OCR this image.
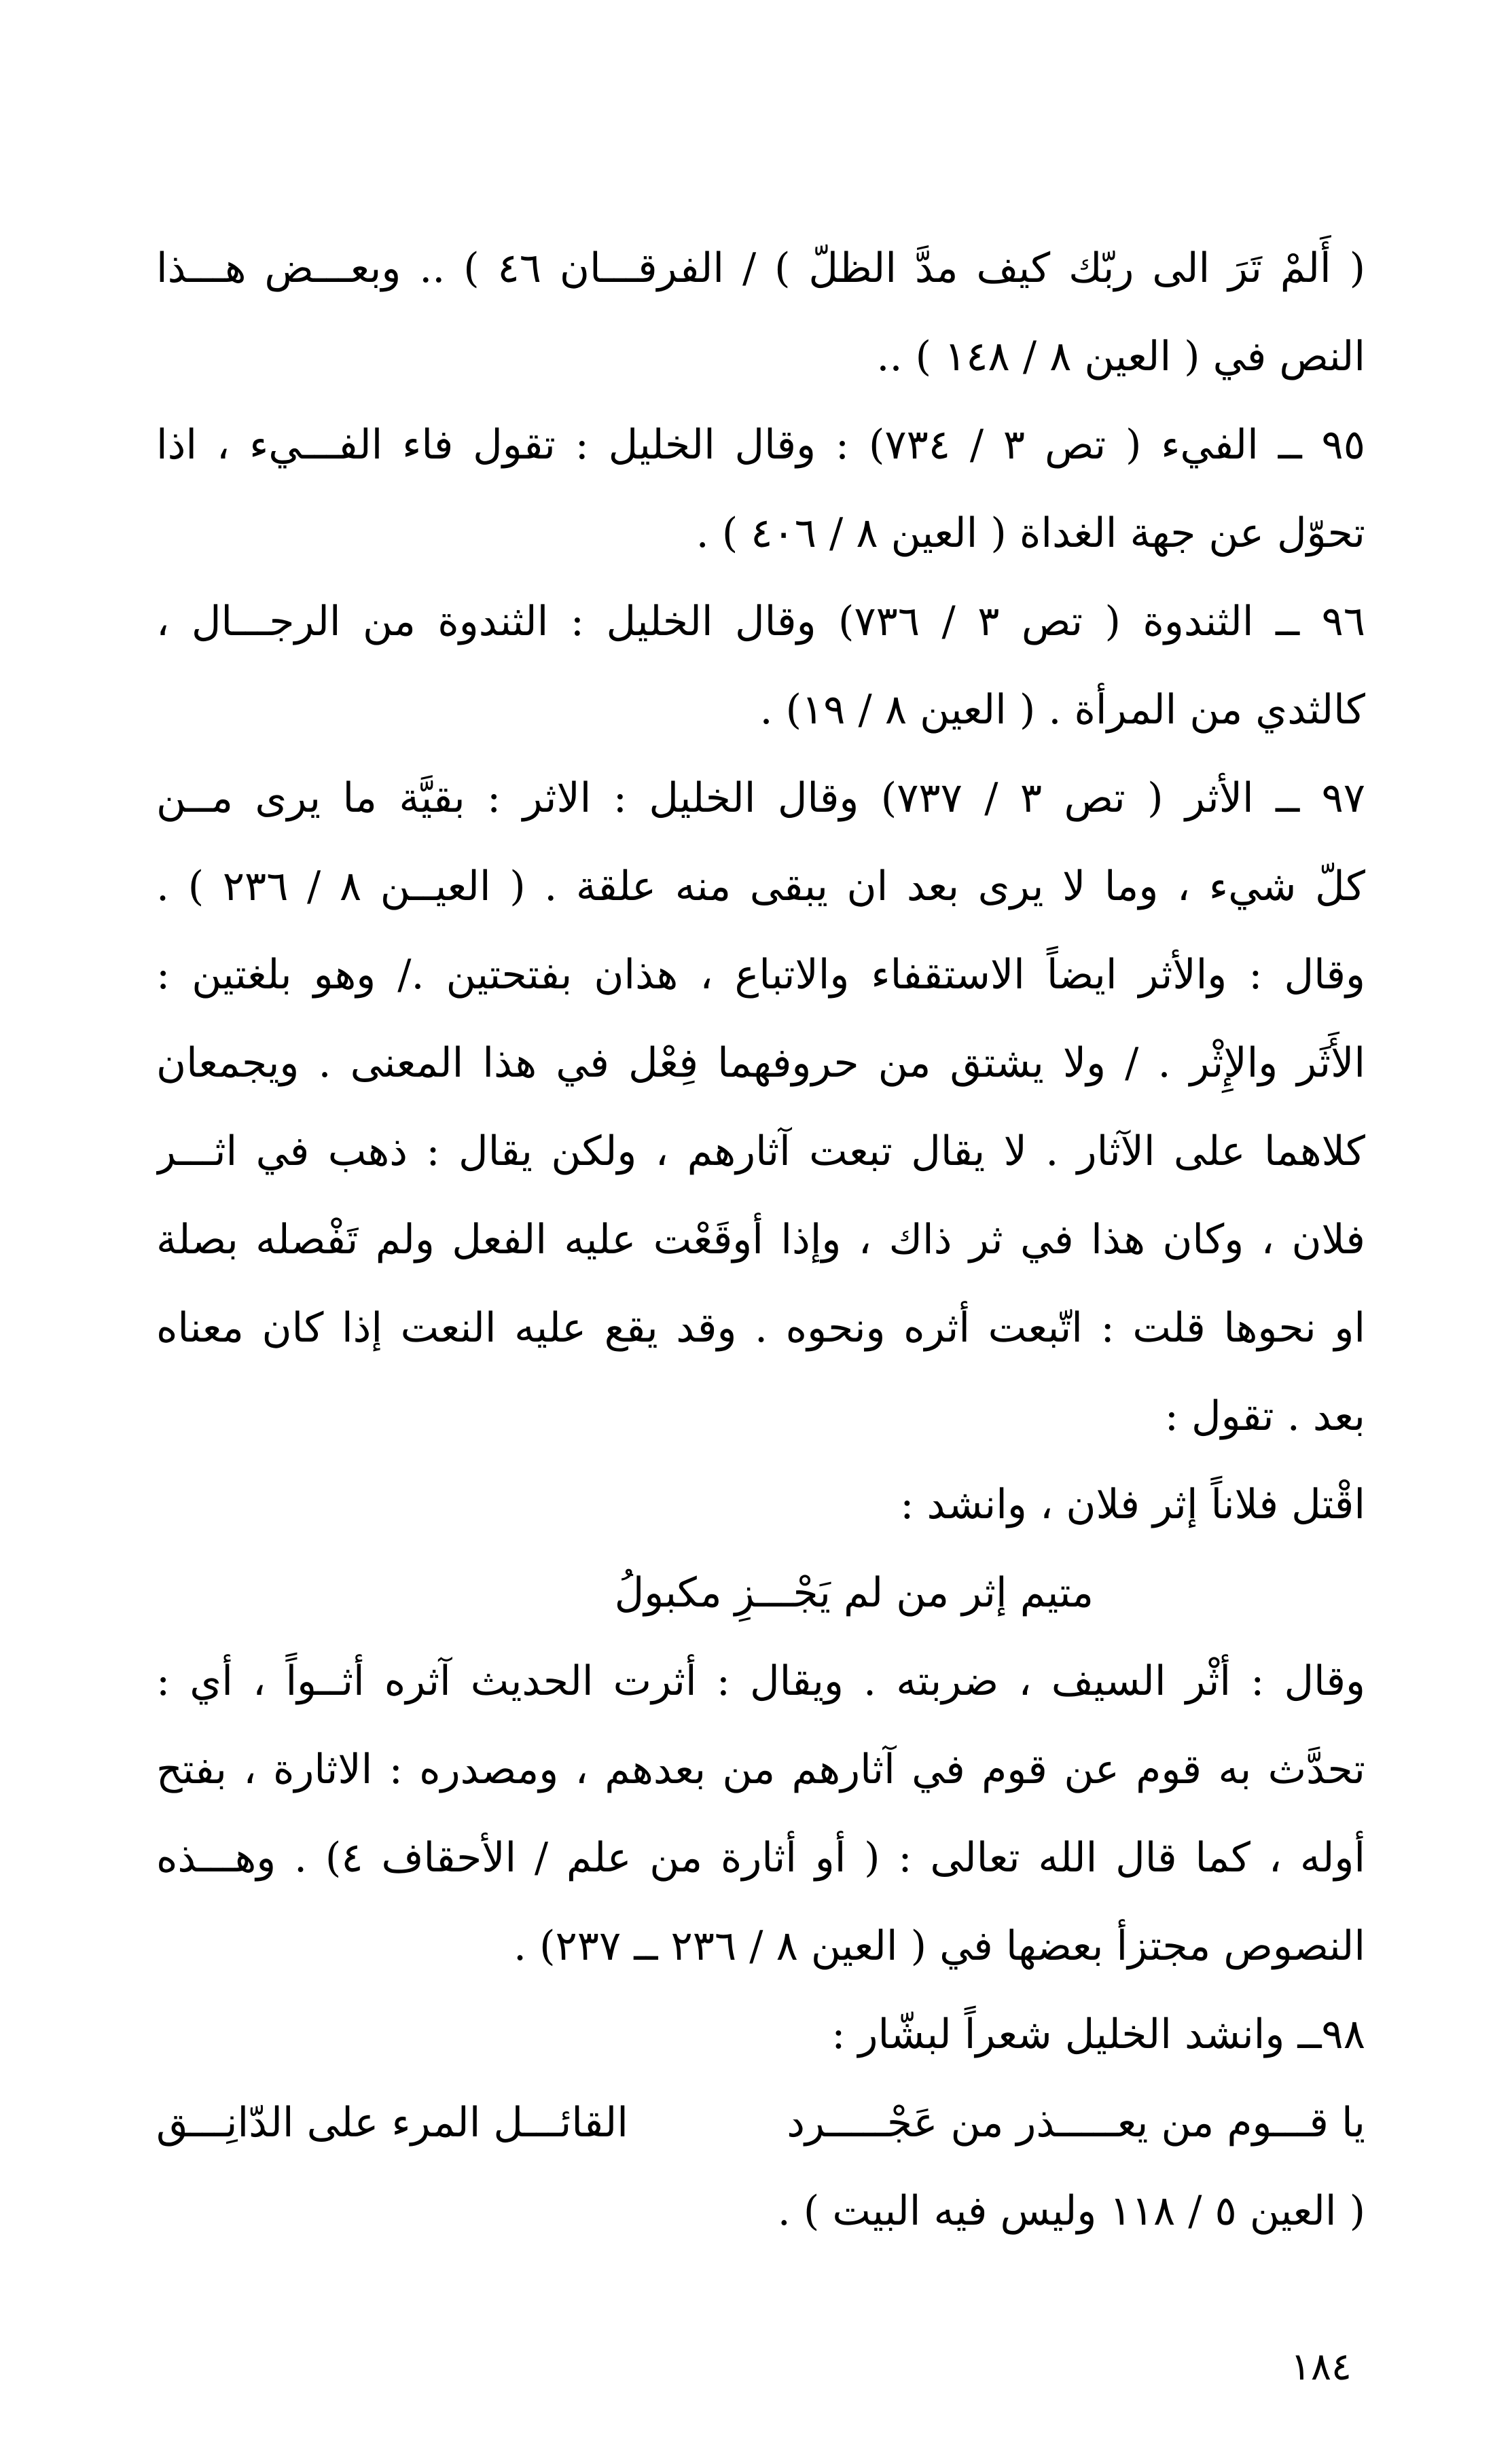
( أَلمْ تَرَ الى ربّك كيف مدَّ الظلّ ) / الفرقـــان ٤٦ ) .. وبعـــض هـــذا
النص في ( العين ٨ / ١٤٨ ) ..
٩٥ ــ الفيء ( تص ٣ / ٧٣٤) : وقال الخليل : تقول فاء الفـــيء ، اذا
تحوّل عن جهة الغداة ( العين ٨ / ٤٠٦ ) .
٩٦ ــ الثندوة ( تص ٣ / ٧٣٦) وقال الخليل : الثندوة من الرجـــال ،
كالثدي من المرأة . ( العين ٨ / ١٩) .
٩٧ ــ الأثر ( تص ٣ / ٧٣٧) وقال الخليل : الاثر : بقيَّة ما يرى مــن
كلّ شيء ، وما لا يرى بعد ان يبقى منه علقة . ( العيــن ٨ / ٢٣٦ ) .
وقال : والأثر ايضاً الاستقفاء والاتباع ، هذان بفتحتين ./ وهو بلغتين :
الأَثَر والإِثْر . / ولا يشتق من حروفهما فِعْل في هذا المعنى . ويجمعان
كلاهما على الآثار . لا يقال تبعت آثارهم ، ولكن يقال : ذهب في اثـــر
فلان ، وكان هذا في ثر ذاك ، وإذا أوقَعْت عليه الفعل ولم تَفْصله بصلة
او نحوها قلت : اتّبعت أثره ونحوه . وقد يقع عليه النعت إذا كان معناه
بعد . تقول :
اقْتل فلاناً إثر فلان ، وانشد :
متيم إثر من لم يَجْـــزِ مكبولُ
وقال : أثْر السيف ، ضربته . ويقال : أثرت الحديث آثره أثــواً ، أي :
تحدَّث به قوم عن قوم في آثارهم من بعدهم ، ومصدره : الاثارة ، بفتح
أوله ، كما قال الله تعالى : ( أو أثارة من علم / الأحقاف ٤) . وهـــذه
النصوص مجتزأ بعضها في ( العين ٨ / ٢٣٦ ــ ٢٣٧) .
٩٨ــ وانشد الخليل شعراً لبشّار :
يا قـــوم من يعـــــذر من عَجْـــــرد
القائـــل المرء على الدّانِـــق
( العين ٥ / ١١٨ وليس فيه البيت ) .
١٨٤
